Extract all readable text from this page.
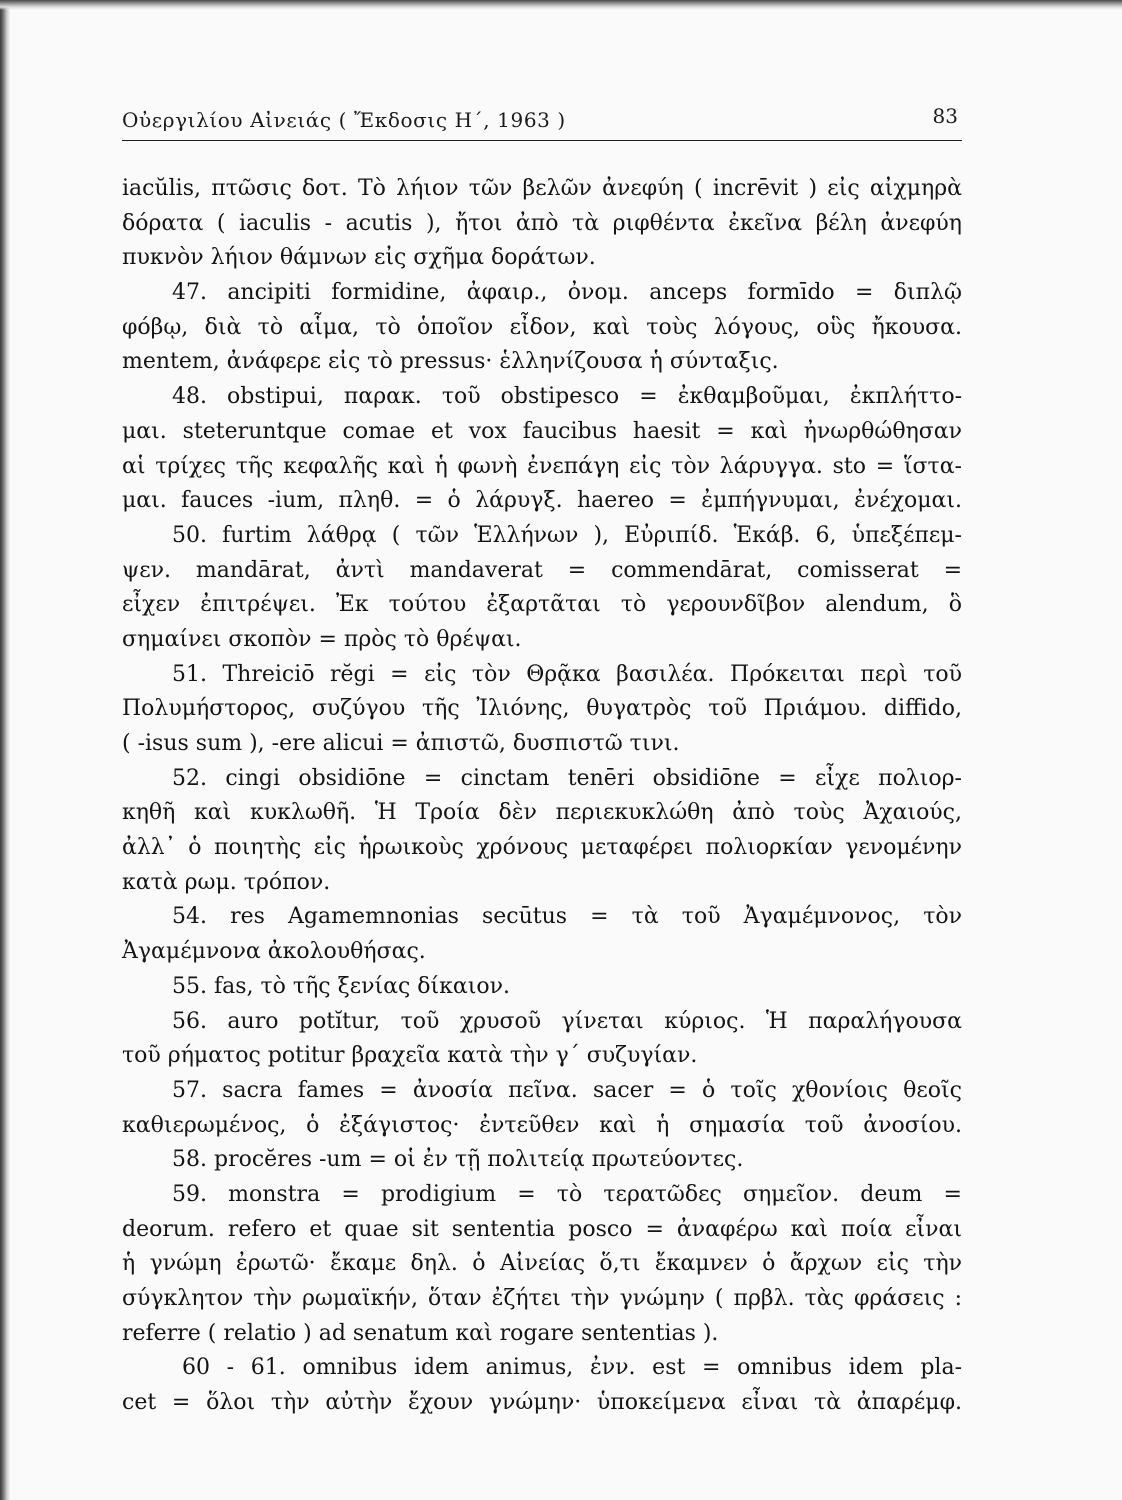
Οὐεργιλίου Αἰνειάς ( Ἔκδοσις Η΄, 1963 )	83
iacŭlis, πτῶσις δοτ. Τὸ λήιον τῶν βελῶν ἀνεφύη ( incrēvit ) εἰς αἰχμηρὰ
δόρατα ( iaculis - acutis ), ἤτοι ἀπὸ τὰ ριφθέντα ἐκεῖνα βέλη ἀνεφύη
πυκνὸν λήιον θάμνων εἰς σχῆμα δοράτων.
47. ancipiti formidine, ἀφαιρ., ὀνομ. anceps formīdo = διπλῷ
φόβῳ, διὰ τὸ αἷμα, τὸ ὁποῖον εἶδον, καὶ τοὺς λόγους, οὓς ἤκουσα.
mentem, ἀνάφερε εἰς τὸ pressus· ἑλληνίζουσα ἡ σύνταξις.
48. obstipui, παρακ. τοῦ obstipesco = ἐκθαμβοῦμαι, ἐκπλήττο-
μαι. steteruntque comae et vox faucibus haesit = καὶ ἠνωρθώθησαν
αἱ τρίχες τῆς κεφαλῆς καὶ ἡ φωνὴ ἐνεπάγη εἰς τὸν λάρυγγα. sto = ἵστα-
μαι. fauces -ium, πληθ. = ὁ λάρυγξ. haereo = ἐμπήγνυμαι, ἐνέχομαι.
50. furtim λάθρᾳ ( τῶν Ἑλλήνων ), Εὐριπίδ. Ἑκάβ. 6, ὑπεξέπεμ-
ψεν. mandārat, ἀντὶ mandaverat = commendārat, comisserat =
εἶχεν ἐπιτρέψει. Ἐκ τούτου ἐξαρτᾶται τὸ γερουνδῖβον alendum, ὃ
σημαίνει σκοπὸν = πρὸς τὸ θρέψαι.
51. Threiciō rĕgi = εἰς τὸν Θρᾷκα βασιλέα. Πρόκειται περὶ τοῦ
Πολυμήστορος, συζύγου τῆς Ἰλιόνης, θυγατρὸς τοῦ Πριάμου. diffido,
( -isus sum ), -ere alicui = ἀπιστῶ, δυσπιστῶ τινι.
52. cingi obsidiōne = cinctam tenēri obsidiōne = εἶχε πολιορ-
κηθῆ καὶ κυκλωθῆ. Ἡ Τροία δὲν περιεκυκλώθη ἀπὸ τοὺς Ἀχαιούς,
ἀλλ᾽ ὁ ποιητὴς εἰς ἡρωικοὺς χρόνους μεταφέρει πολιορκίαν γενομένην
κατὰ ρωμ. τρόπον.
54. res Agamemnonias secūtus = τὰ τοῦ Ἀγαμέμνονος, τὸν
Ἀγαμέμνονα ἀκολουθήσας.
55. fas, τὸ τῆς ξενίας δίκαιον.
56. auro potĭtur, τοῦ χρυσοῦ γίνεται κύριος. Ἡ παραλήγουσα
τοῦ ρήματος potitur βραχεῖα κατὰ τὴν γ΄ συζυγίαν.
57. sacra fames = ἀνοσία πεῖνα. sacer = ὁ τοῖς χθονίοις θεοῖς
καθιερωμένος, ὁ ἐξάγιστος· ἐντεῦθεν καὶ ἡ σημασία τοῦ ἀνοσίου.
58. procĕres -um = οἱ ἐν τῇ πολιτείᾳ πρωτεύοντες.
59. monstra = prodigium = τὸ τερατῶδες σημεῖον. deum =
deorum. refero et quae sit sententia posco = ἀναφέρω καὶ ποία εἶναι
ἡ γνώμη ἐρωτῶ· ἔκαμε δηλ. ὁ Αἰνείας ὅ,τι ἔκαμνεν ὁ ἄρχων εἰς τὴν
σύγκλητον τὴν ρωμαϊκήν, ὅταν ἐζήτει τὴν γνώμην ( πρβλ. τὰς φράσεις :
referre ( relatio ) ad senatum καὶ rogare sententias ).
60 - 61. omnibus idem animus, ἐνν. est = omnibus idem pla-
cet = ὅλοι τὴν αὐτὴν ἔχουν γνώμην· ὑποκείμενα εἶναι τὰ ἀπαρέμφ.
